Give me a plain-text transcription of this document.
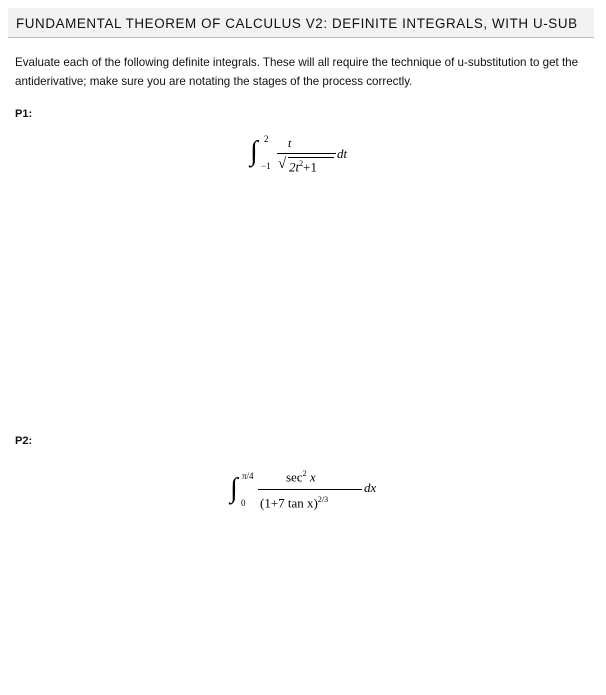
FUNDAMENTAL THEOREM OF CALCULUS V2: DEFINITE INTEGRALS, WITH U-SUB
Evaluate each of the following definite integrals. These will all require the technique of u-substitution to get the antiderivative; make sure you are notating the stages of the process correctly.
P1:
∫ 2
−1
t
√ $2t^2+1$
dt
P2:
∫ π/4
0
$\sec^2 x$
(1+7 tan x)$^{2/3}$
dx
